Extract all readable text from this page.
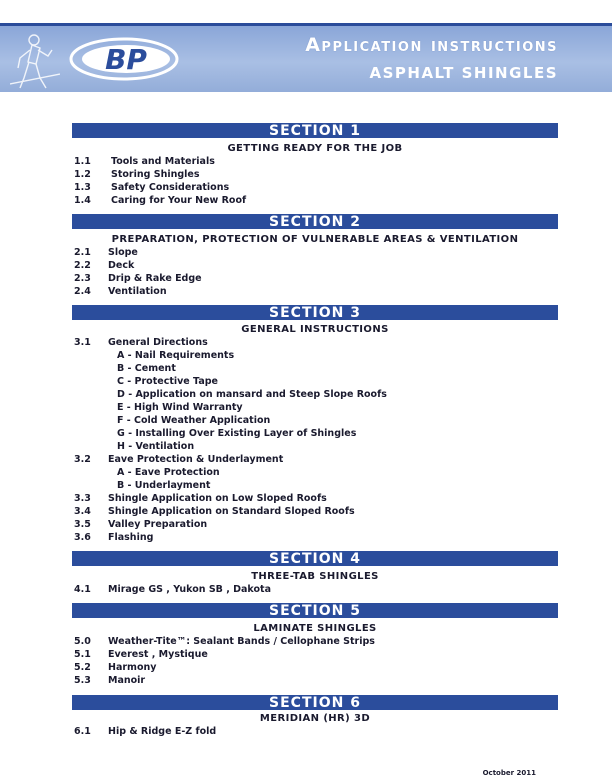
BP	Application instructions
ASPHALT SHINGLES
SECTION 1
GETTING READY FOR THE JOB
1.1 Tools and Materials
1.2 Storing Shingles
1.3 Safety Considerations
1.4 Caring for Your New Roof
SECTION 2
PREPARATION, PROTECTION OF VULNERABLE AREAS & VENTILATION
2.1 Slope
2.2 Deck
2.3 Drip & Rake Edge
2.4 Ventilation
SECTION 3
GENERAL INSTRUCTIONS
3.1 General Directions
A - Nail Requirements
B - Cement
C - Protective Tape
D - Application on mansard and Steep Slope Roofs
E - High Wind Warranty
F - Cold Weather Application
G - Installing Over Existing Layer of Shingles
H - Ventilation
3.2 Eave Protection & Underlayment
A - Eave Protection
B - Underlayment
3.3 Shingle Application on Low Sloped Roofs
3.4 Shingle Application on Standard Sloped Roofs
3.5 Valley Preparation
3.6 Flashing
SECTION 4
THREE-TAB SHINGLES
4.1 Mirage GS , Yukon SB , Dakota
SECTION 5
LAMINATE SHINGLES
5.0 Weather-Tite™: Sealant Bands / Cellophane Strips
5.1 Everest , Mystique
5.2 Harmony
5.3 Manoir
SECTION 6
MERIDIAN (HR) 3D
6.1 Hip & Ridge E-Z fold
October 2011
